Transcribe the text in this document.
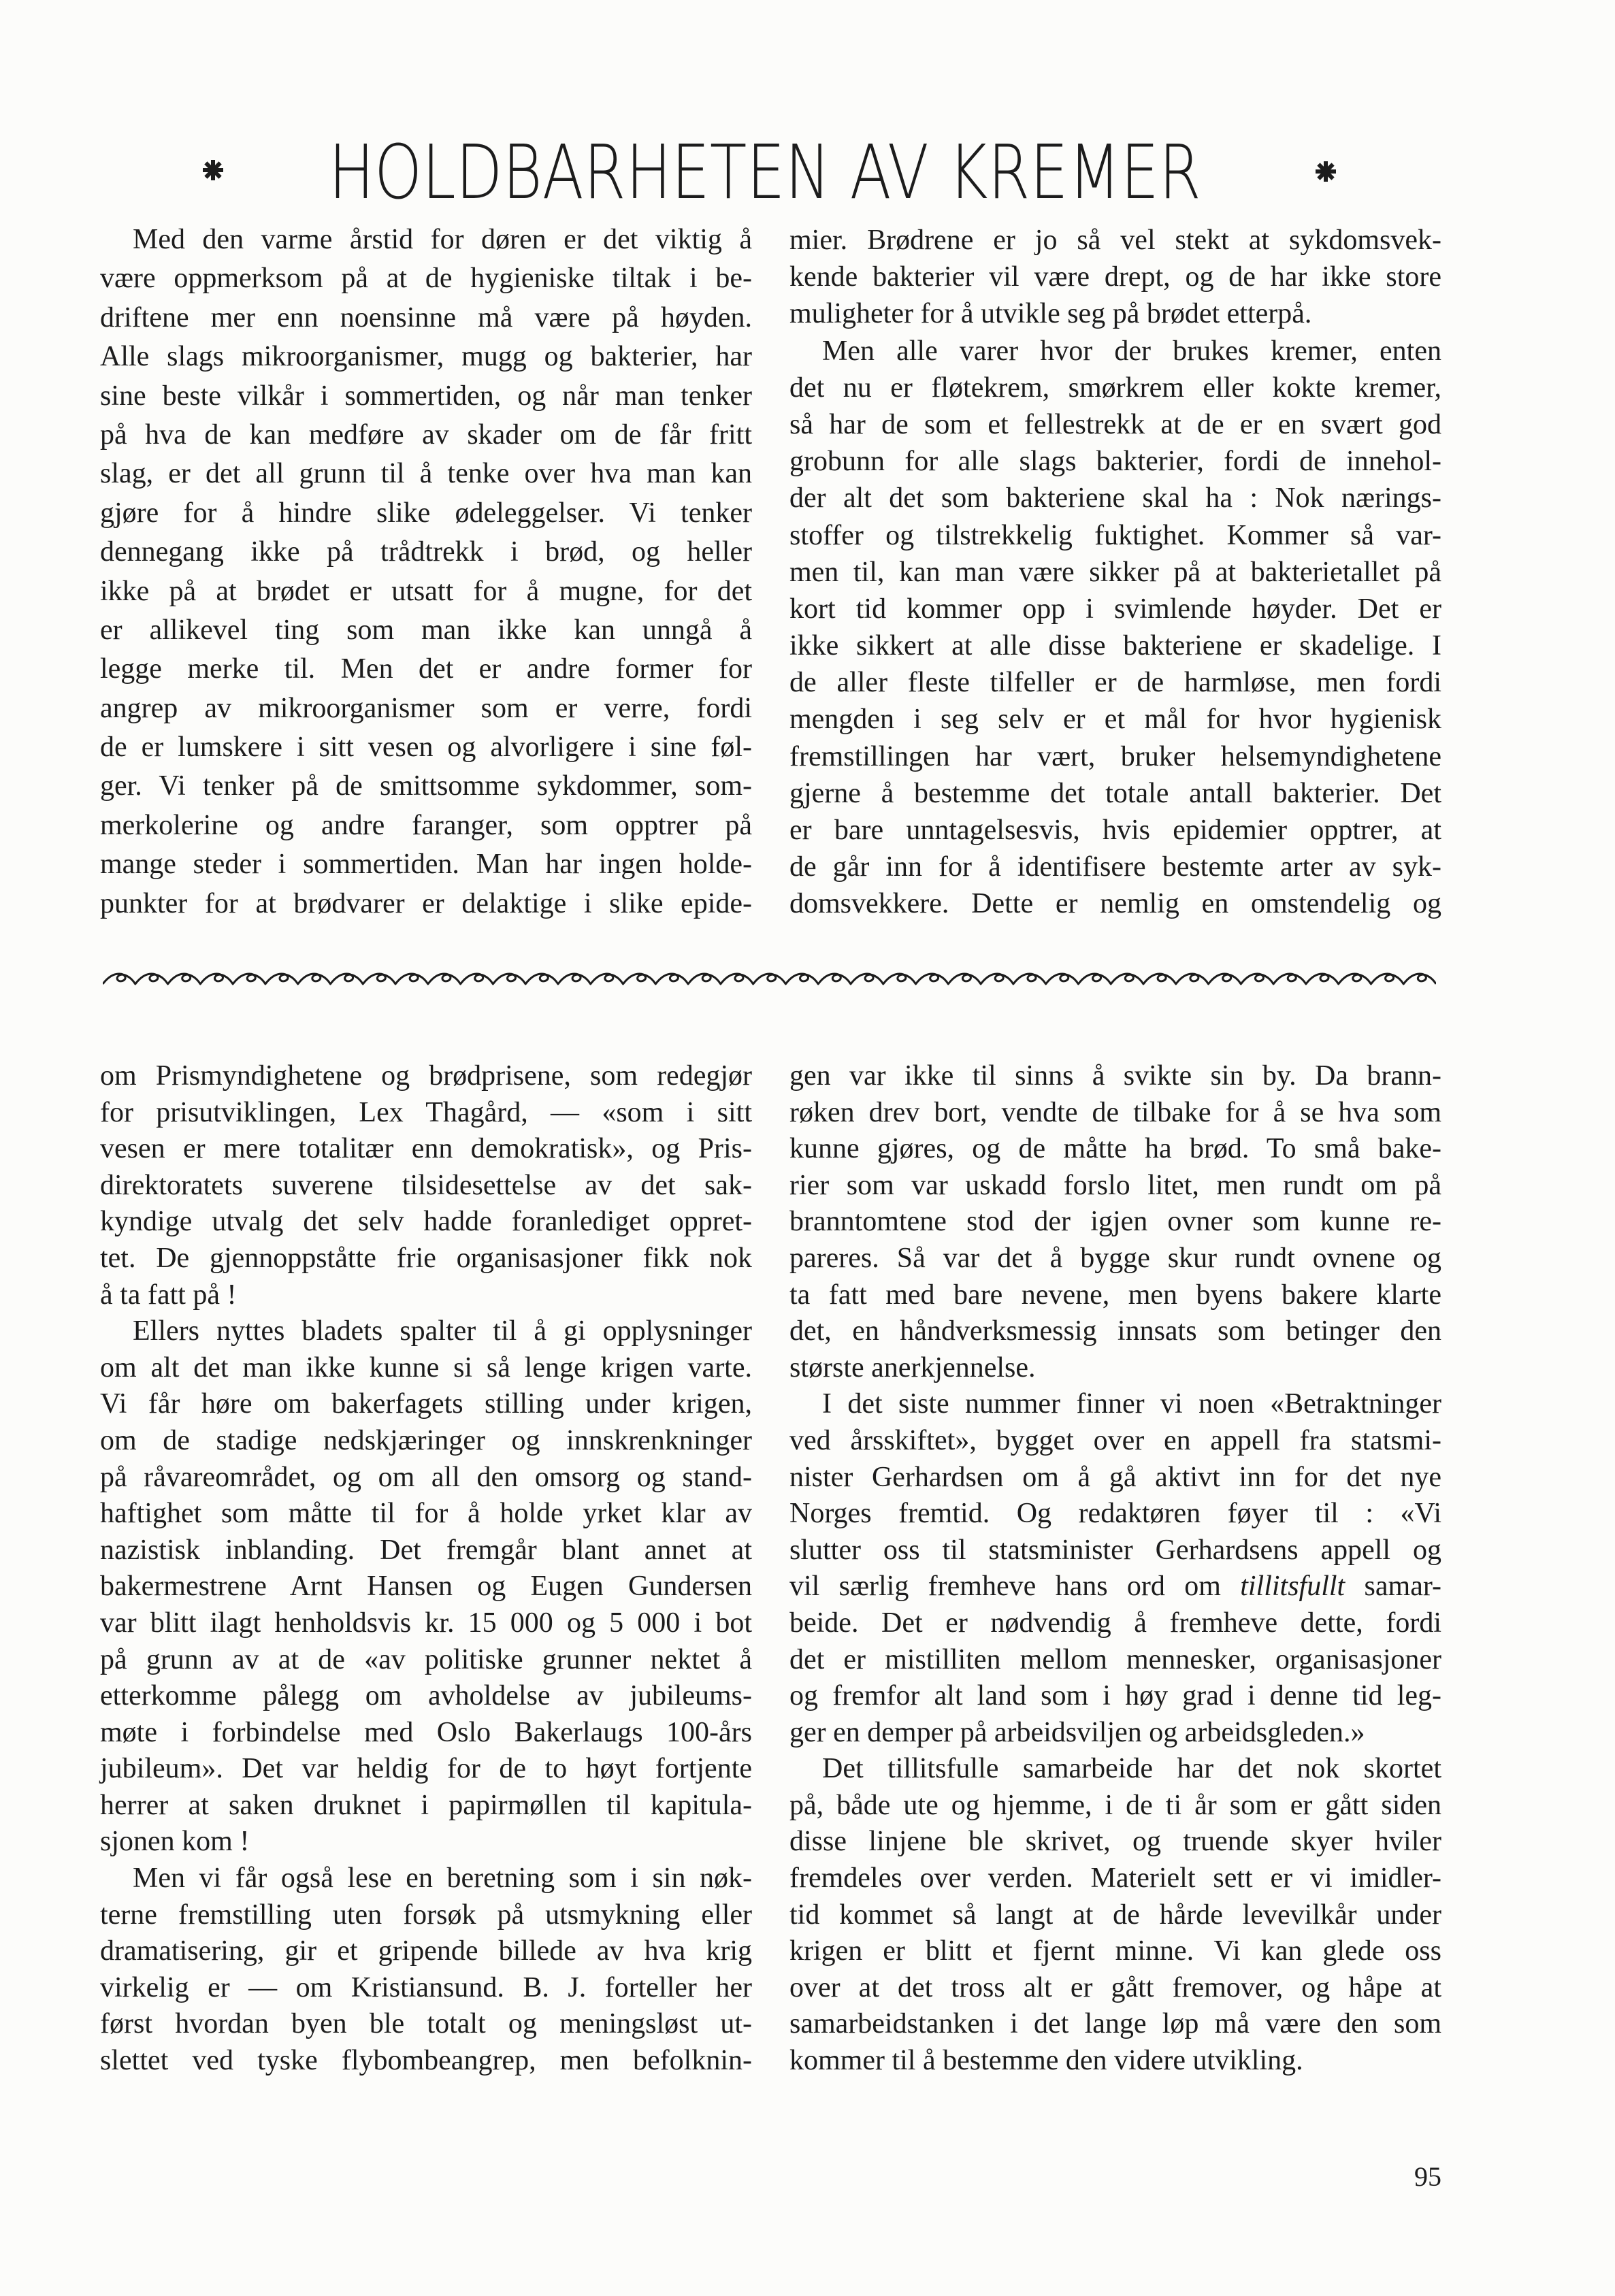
HOLDBARHETEN AV KREMER
Med den varme årstid for døren er det viktig å
være oppmerksom på at de hygieniske tiltak i be-
driftene mer enn noensinne må være på høyden.
Alle slags mikroorganismer, mugg og bakterier, har
sine beste vilkår i sommertiden, og når man tenker
på hva de kan medføre av skader om de får fritt
slag, er det all grunn til å tenke over hva man kan
gjøre for å hindre slike ødeleggelser. Vi tenker
dennegang ikke på trådtrekk i brød, og heller
ikke på at brødet er utsatt for å mugne, for det
er allikevel ting som man ikke kan unngå å
legge merke til. Men det er andre former for
angrep av mikroorganismer som er verre, fordi
de er lumskere i sitt vesen og alvorligere i sine føl-
ger. Vi tenker på de smittsomme sykdommer, som-
merkolerine og andre faranger, som opptrer på
mange steder i sommertiden. Man har ingen holde-
punkter for at brødvarer er delaktige i slike epide-
mier. Brødrene er jo så vel stekt at sykdomsvek-
kende bakterier vil være drept, og de har ikke store
muligheter for å utvikle seg på brødet etterpå.
Men alle varer hvor der brukes kremer, enten
det nu er fløtekrem, smørkrem eller kokte kremer,
så har de som et fellestrekk at de er en svært god
grobunn for alle slags bakterier, fordi de innehol-
der alt det som bakteriene skal ha : Nok nærings-
stoffer og tilstrekkelig fuktighet. Kommer så var-
men til, kan man være sikker på at bakterietallet på
kort tid kommer opp i svimlende høyder. Det er
ikke sikkert at alle disse bakteriene er skadelige. I
de aller fleste tilfeller er de harmløse, men fordi
mengden i seg selv er et mål for hvor hygienisk
fremstillingen har vært, bruker helsemyndighetene
gjerne å bestemme det totale antall bakterier. Det
er bare unntagelsesvis, hvis epidemier opptrer, at
de går inn for å identifisere bestemte arter av syk-
domsvekkere. Dette er nemlig en omstendelig og
om Prismyndighetene og brødprisene, som redegjør
for prisutviklingen, Lex Thagård, — «som i sitt
vesen er mere totalitær enn demokratisk», og Pris-
direktoratets suverene tilsidesettelse av det sak-
kyndige utvalg det selv hadde foranlediget oppret-
tet. De gjennoppståtte frie organisasjoner fikk nok
å ta fatt på !
Ellers nyttes bladets spalter til å gi opplysninger
om alt det man ikke kunne si så lenge krigen varte.
Vi får høre om bakerfagets stilling under krigen,
om de stadige nedskjæringer og innskrenkninger
på råvareområdet, og om all den omsorg og stand-
haftighet som måtte til for å holde yrket klar av
nazistisk inblanding. Det fremgår blant annet at
bakermestrene Arnt Hansen og Eugen Gundersen
var blitt ilagt henholdsvis kr. 15 000 og 5 000 i bot
på grunn av at de «av politiske grunner nektet å
etterkomme pålegg om avholdelse av jubileums-
møte i forbindelse med Oslo Bakerlaugs 100-års
jubileum». Det var heldig for de to høyt fortjente
herrer at saken druknet i papirmøllen til kapitula-
sjonen kom !
Men vi får også lese en beretning som i sin nøk-
terne fremstilling uten forsøk på utsmykning eller
dramatisering, gir et gripende billede av hva krig
virkelig er — om Kristiansund. B. J. forteller her
først hvordan byen ble totalt og meningsløst ut-
slettet ved tyske flybombeangrep, men befolknin-
gen var ikke til sinns å svikte sin by. Da brann-
røken drev bort, vendte de tilbake for å se hva som
kunne gjøres, og de måtte ha brød. To små bake-
rier som var uskadd forslo litet, men rundt om på
branntomtene stod der igjen ovner som kunne re-
pareres. Så var det å bygge skur rundt ovnene og
ta fatt med bare nevene, men byens bakere klarte
det, en håndverksmessig innsats som betinger den
største anerkjennelse.
I det siste nummer finner vi noen «Betraktninger
ved årsskiftet», bygget over en appell fra statsmi-
nister Gerhardsen om å gå aktivt inn for det nye
Norges fremtid. Og redaktøren føyer til : «Vi
slutter oss til statsminister Gerhardsens appell og
vil særlig fremheve hans ord om tillitsfullt samar-
beide. Det er nødvendig å fremheve dette, fordi
det er mistilliten mellom mennesker, organisasjoner
og fremfor alt land som i høy grad i denne tid leg-
ger en demper på arbeidsviljen og arbeidsgleden.»
Det tillitsfulle samarbeide har det nok skortet
på, både ute og hjemme, i de ti år som er gått siden
disse linjene ble skrivet, og truende skyer hviler
fremdeles over verden. Materielt sett er vi imidler-
tid kommet så langt at de hårde levevilkår under
krigen er blitt et fjernt minne. Vi kan glede oss
over at det tross alt er gått fremover, og håpe at
samarbeidstanken i det lange løp må være den som
kommer til å bestemme den videre utvikling.
95
